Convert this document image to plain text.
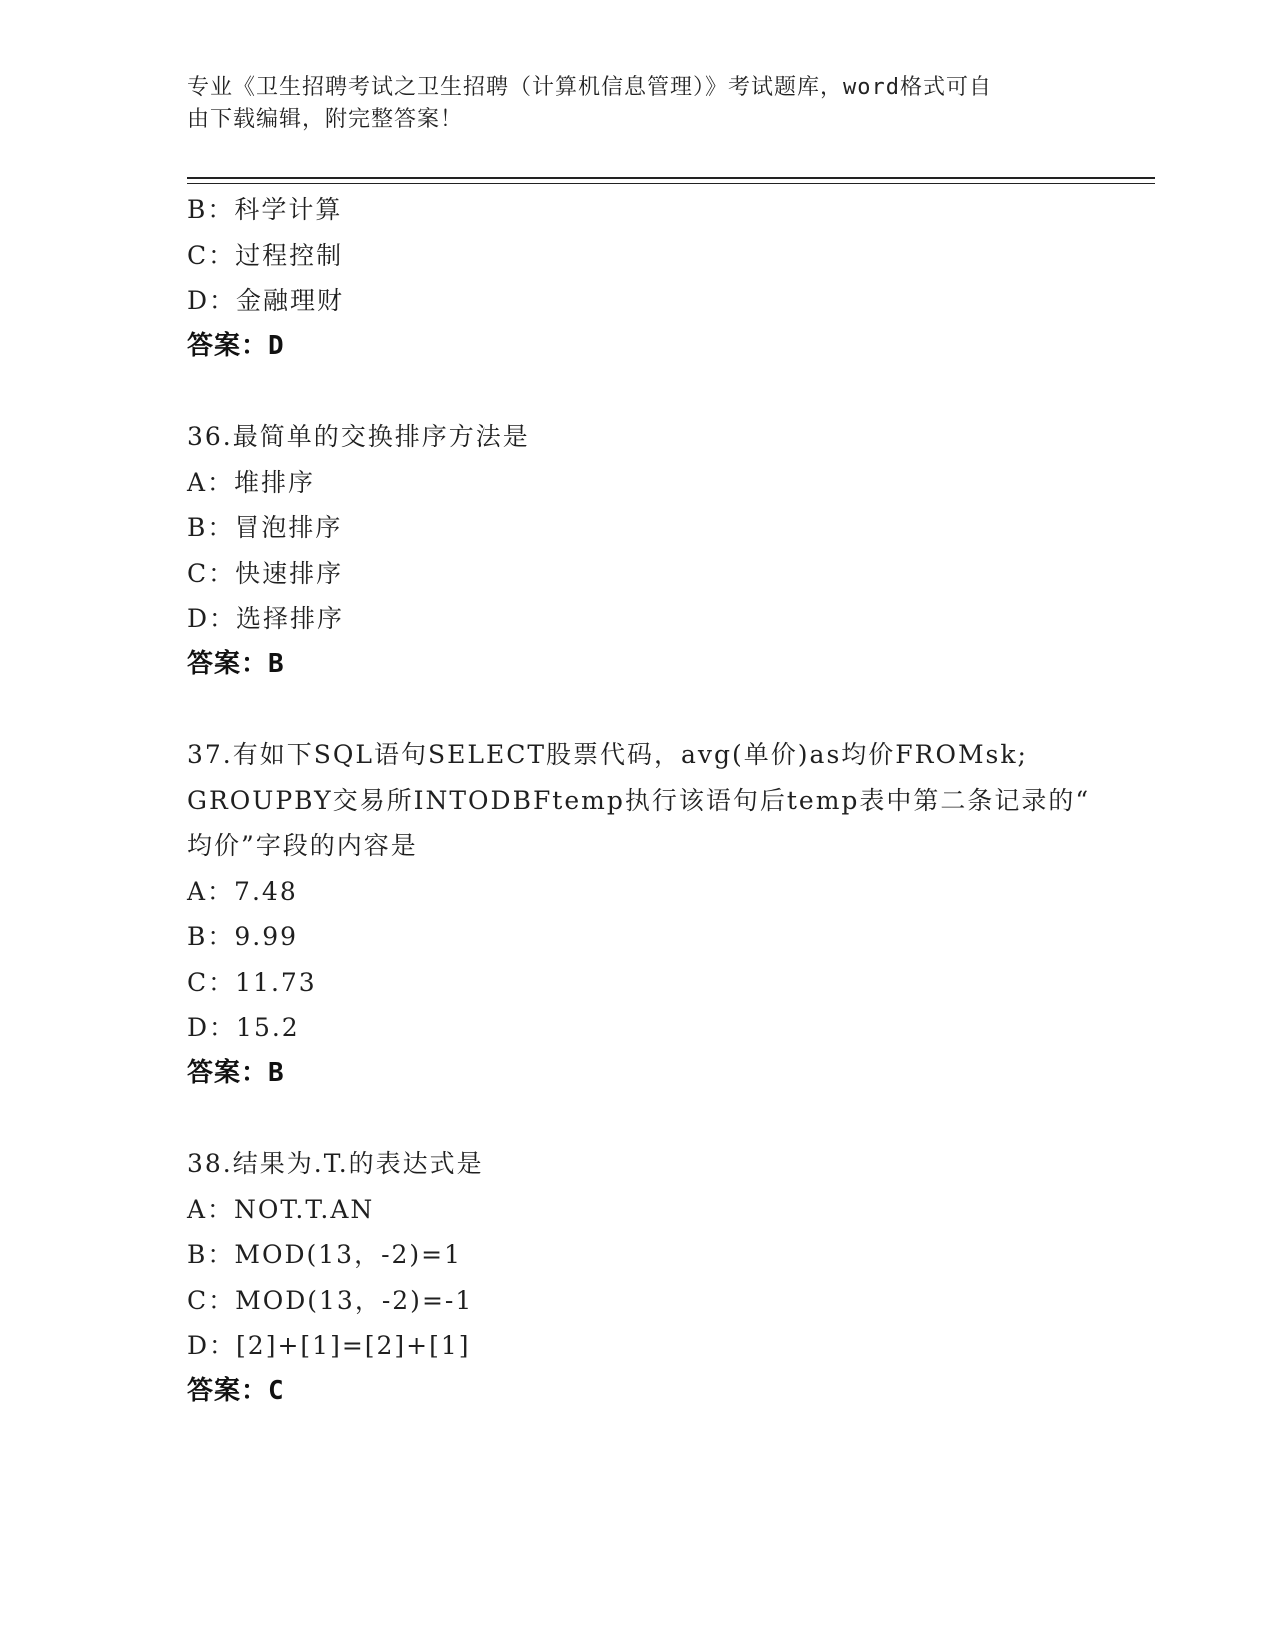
专业《卫生招聘考试之卫生招聘（计算机信息管理）》考试题库，word格式可自
由下载编辑，附完整答案！
B：科学计算
C：过程控制
D：金融理财
答案：D
36.最简单的交换排序方法是
A：堆排序
B：冒泡排序
C：快速排序
D：选择排序
答案：B
37.有如下SQL语句SELECT股票代码，avg(单价)as均价FROMsk;
GROUPBY交易所INTODBFtemp执行该语句后temp表中第二条记录的“
均价”字段的内容是
A：7.48
B：9.99
C：11.73
D：15.2
答案：B
38.结果为.T.的表达式是
A：NOT.T.AN
B：MOD(13，-2)=1
C：MOD(13，-2)=-1
D：[2]+[1]=[2]+[1]
答案：C
